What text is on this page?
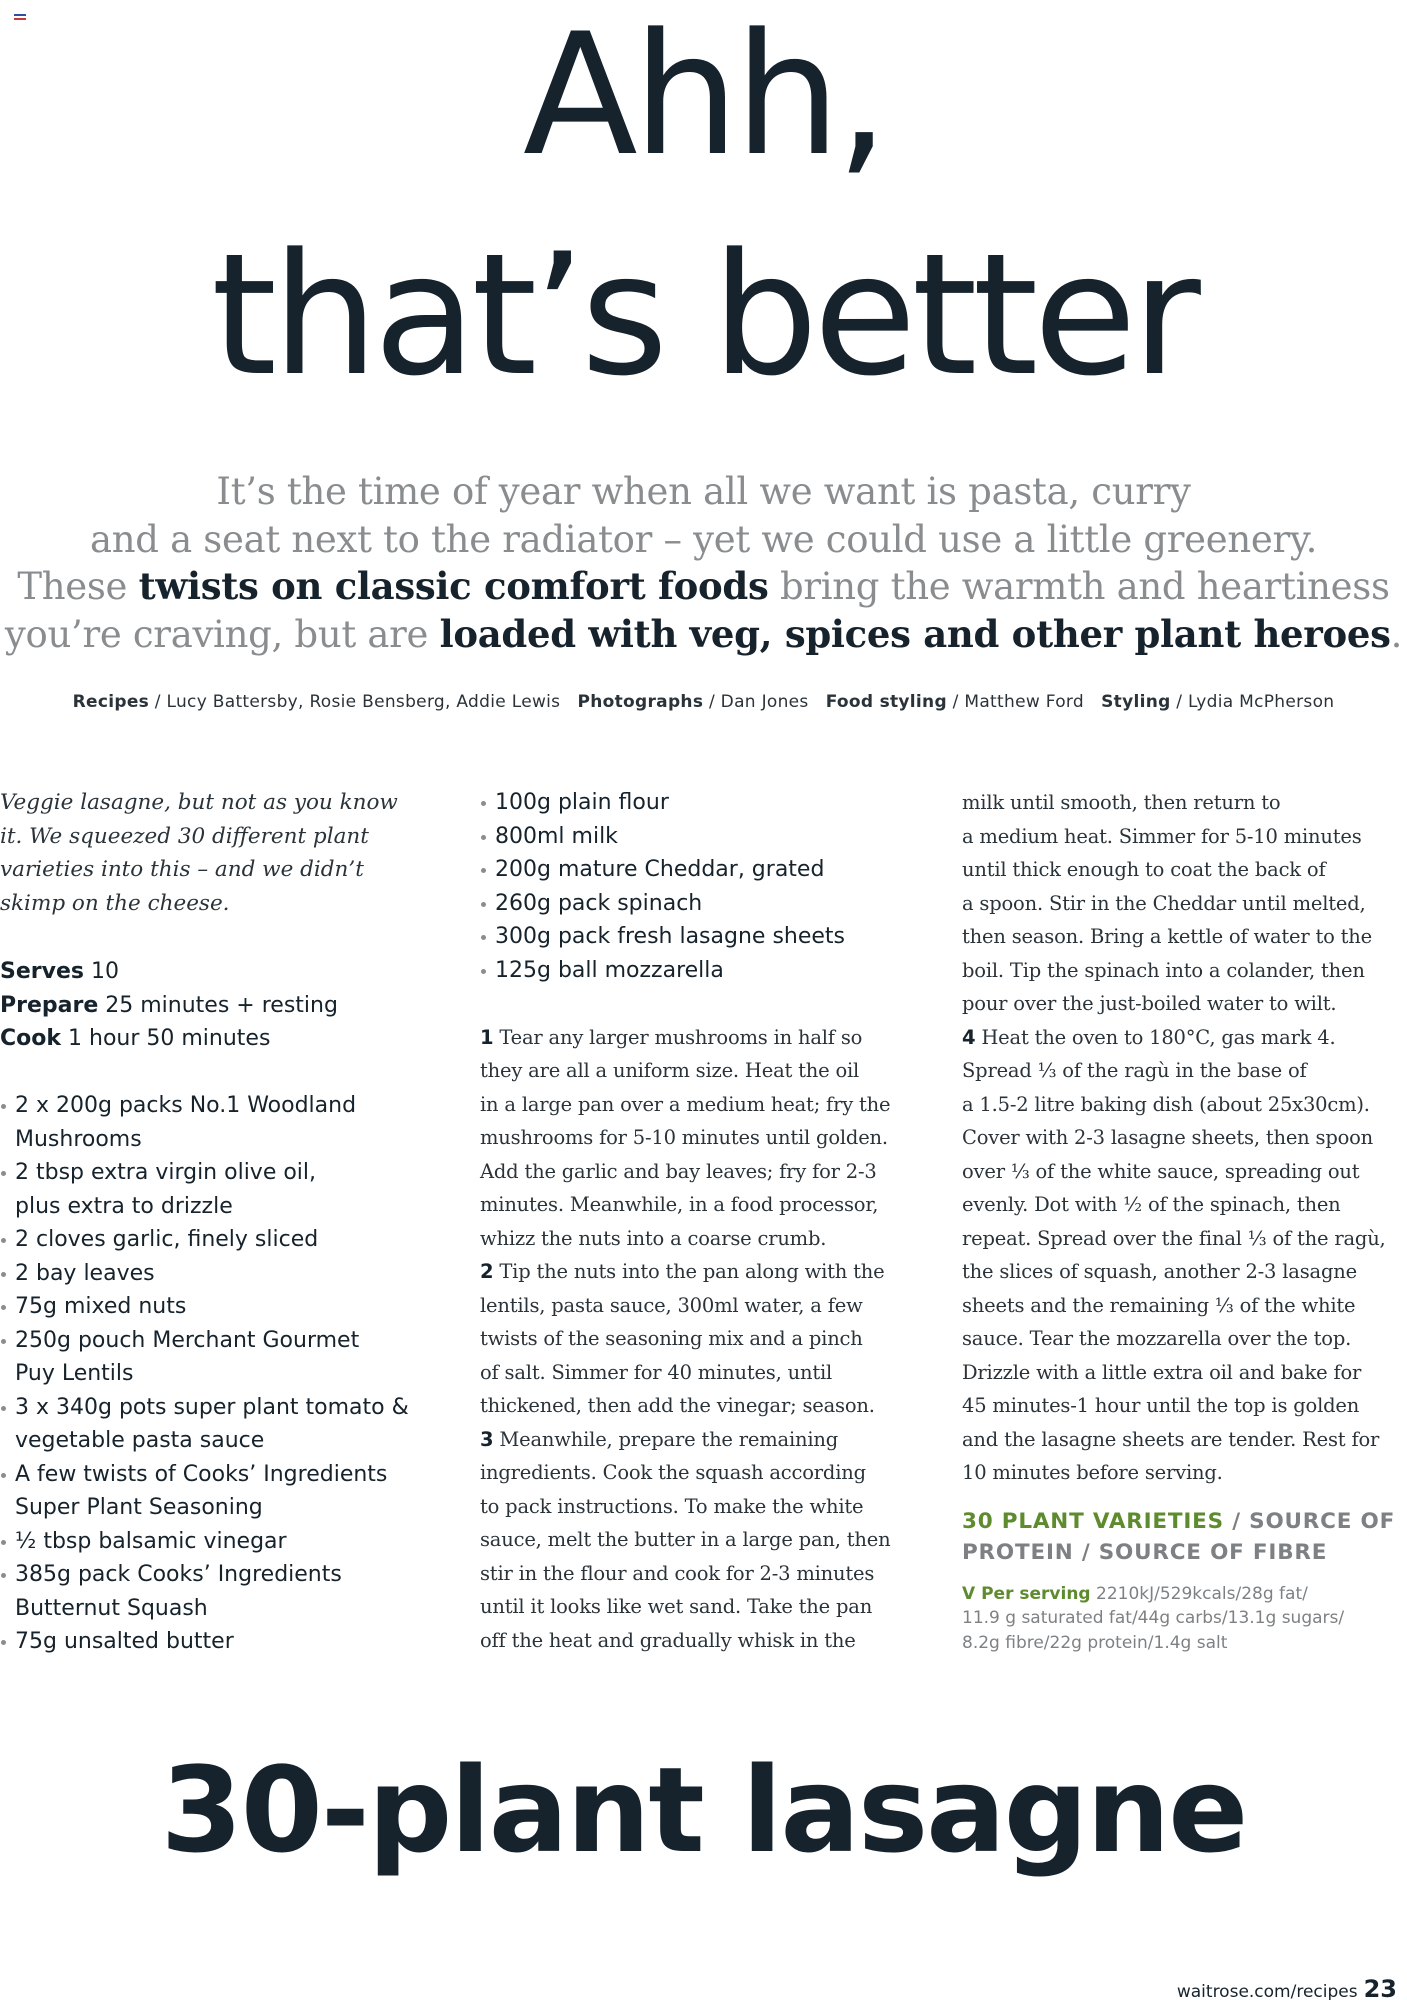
Ahh,
that’s better
It’s the time of year when all we want is pasta, curry
and a seat next to the radiator – yet we could use a little greenery.
These twists on classic comfort foods bring the warmth and heartiness
you’re craving, but are loaded with veg, spices and other plant heroes.
Recipes / Lucy Battersby, Rosie Bensberg, Addie Lewis Photographs / Dan Jones Food styling / Matthew Ford Styling / Lydia McPherson
Veggie lasagne, but not as you know
it. We squeezed 30 different plant
varieties into this – and we didn’t
skimp on the cheese.
Serves 10
Prepare 25 minutes + resting
Cook 1 hour 50 minutes
2 x 200g packs No.1 Woodland
Mushrooms
2 tbsp extra virgin olive oil,
plus extra to drizzle
2 cloves garlic, finely sliced
2 bay leaves
75g mixed nuts
250g pouch Merchant Gourmet
Puy Lentils
3 x 340g pots super plant tomato &
vegetable pasta sauce
A few twists of Cooks’ Ingredients
Super Plant Seasoning
½ tbsp balsamic vinegar
385g pack Cooks’ Ingredients
Butternut Squash
75g unsalted butter
100g plain flour
800ml milk
200g mature Cheddar, grated
260g pack spinach
300g pack fresh lasagne sheets
125g ball mozzarella
1 Tear any larger mushrooms in half so
they are all a uniform size. Heat the oil
in a large pan over a medium heat; fry the
mushrooms for 5-10 minutes until golden.
Add the garlic and bay leaves; fry for 2-3
minutes. Meanwhile, in a food processor,
whizz the nuts into a coarse crumb.
2 Tip the nuts into the pan along with the
lentils, pasta sauce, 300ml water, a few
twists of the seasoning mix and a pinch
of salt. Simmer for 40 minutes, until
thickened, then add the vinegar; season.
3 Meanwhile, prepare the remaining
ingredients. Cook the squash according
to pack instructions. To make the white
sauce, melt the butter in a large pan, then
stir in the flour and cook for 2-3 minutes
until it looks like wet sand. Take the pan
off the heat and gradually whisk in the
milk until smooth, then return to
a medium heat. Simmer for 5-10 minutes
until thick enough to coat the back of
a spoon. Stir in the Cheddar until melted,
then season. Bring a kettle of water to the
boil. Tip the spinach into a colander, then
pour over the just-boiled water to wilt.
4 Heat the oven to 180°C, gas mark 4.
Spread ⅓ of the ragù in the base of
a 1.5-2 litre baking dish (about 25x30cm).
Cover with 2-3 lasagne sheets, then spoon
over ⅓ of the white sauce, spreading out
evenly. Dot with ½ of the spinach, then
repeat. Spread over the final ⅓ of the ragù,
the slices of squash, another 2-3 lasagne
sheets and the remaining ⅓ of the white
sauce. Tear the mozzarella over the top.
Drizzle with a little extra oil and bake for
45 minutes-1 hour until the top is golden
and the lasagne sheets are tender. Rest for
10 minutes before serving.
30 PLANT VARIETIES / SOURCE OF
PROTEIN / SOURCE OF FIBRE
V Per serving 2210kJ/529kcals/28g fat/
11.9 g saturated fat/44g carbs/13.1g sugars/
8.2g fibre/22g protein/1.4g salt
30-plant lasagne
waitrose.com/recipes 23
